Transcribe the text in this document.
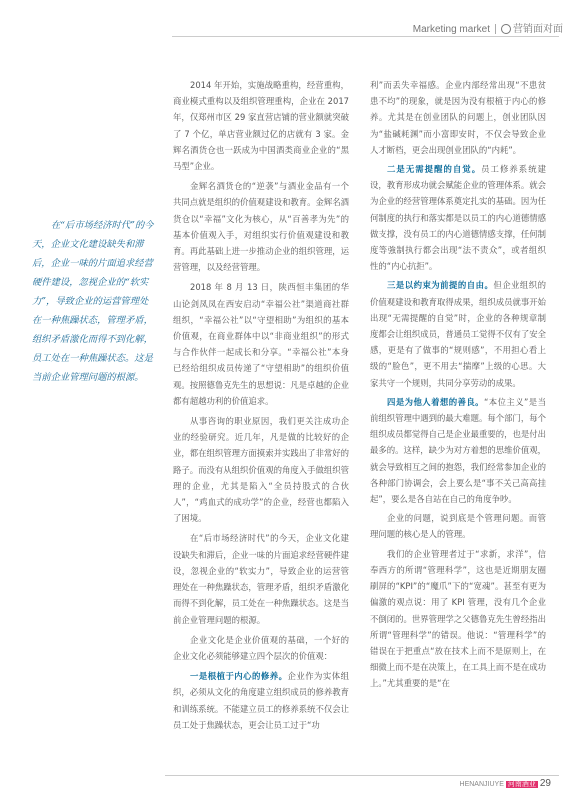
Marketing market 营销面对面

在“后市场经济时代”的今天，企业文化建设缺失和滞后，企业一味的片面追求经营硬件建设，忽视企业的“软实力”，导致企业的运营管理处在一种焦躁状态，管理矛盾，组织矛盾激化而得不到化解，员工处在一种焦躁状态。这是当前企业管理问题的根源。

2014 年开始，实施战略重构，经营重构，商业模式重构以及组织管理重构，企业在 2017 年，仅郑州市区 29 家直营店铺的营业额就突破了 7 个亿，单店营业额过亿的店就有 3 家。金辉名酒货仓也一跃成为中国酒类商业企业的“黑马型”企业。

金辉名酒货仓的“逆袭”与酒业金品有一个共同点就是组织的价值观建设和教育。金辉名酒货仓以“幸福”文化为核心，从“百善孝为先”的基本价值观入手，对组织实行价值观建设和教育。再此基础上进一步推动企业的组织管理，运营管理，以及经营管理。

2018 年 8 月 13 日，陕西恒丰集团的华山论剑凤凤在西安启动“幸福公社”渠道商社群组织，“幸福公社”以“守望相助”为组织的基本价值观，在商业群体中以“非商业组织”的形式与合作伙伴一起成长和分享。“幸福公社”本身已经给组织成员传递了“守望相助”的组织价值观。按照德鲁克先生的思想说：凡是卓越的企业都有超越功利的价值追求。

从事咨询的职业原因，我们更关注成功企业的经验研究。近几年，凡是做的比较好的企业，都在组织管理方面摸索并实践出了非常好的路子。而没有从组织价值观的角度入手做组织管理的企业，尤其是陷入“全员持股式的合伙人”，“鸡血式的成功学”的企业，经营也都陷入了困境。

在“后市场经济时代”的今天，企业文化建设缺失和滞后，企业一味的片面追求经营硬件建设，忽视企业的“软实力”，导致企业的运营管理处在一种焦躁状态，管理矛盾，组织矛盾激化而得不到化解，员工处在一种焦躁状态。这是当前企业管理问题的根源。

企业文化是企业价值观的基础，一个好的企业文化必须能够建立四个层次的价值观：

一是根植于内心的修养。企业作为实体组织，必须从文化的角度建立组织成员的修养教育和训练系统。不能建立员工的修养系统不仅会让员工处于焦躁状态，更会让员工过于“功

利”而丢失幸福感。企业内部经常出现“不患贫患不均”的现象，就是因为没有根植于内心的修养。尤其是在创业团队的问题上，创业团队因为“盐碱耗渊”而小富即安时，不仅会导致企业人才断档，更会出现创业团队的“内耗”。

二是无需提醒的自觉。员工修养系统建设，教育形成功就会赋能企业的管理体系。就会为企业的经营管理体系奠定扎实的基础。因为任何制度的执行和落实都是以员工的内心道德情感做支撑，没有员工的内心道德情感支撑，任何制度等強制执行都会出现“法不责众”，或者组织性的“内心抗拒”。

三是以约束为前提的自由。但企业组织的价值观建设和教育取得成果，组织成员就事开始出现“无需提醒的自觉”时，企业的各种规章制度都会让组织成员，普通员工觉得不仅有了安全感，更是有了做事的“规则感”，不用担心看上级的“脸色”，更不用去“揣摩”上级的心思。大家共守一个规则，共同分享劳动的成果。

四是为他人着想的善良。“本位主义”是当前组织管理中遇到的最大难题。每个部门，每个组织成员都觉得自己是企业最重要的，也是付出最多的。这样，缺少为对方着想的思维价值观，就会导致相互之间的抱怨，我们经常参加企业的各种部门协调会，会上要么是“事不关己高高挂起”，要么是各自站在自己的角度争吵。

企业的问题，说到底是个管理问题。而管理问题的核心是人的管理。

我们的企业管理者过于“求新，求洋”，信奉西方的所谓“管理科学”，这也是近期朋友圈刷屏的“KPI”的“魔爪”下的“宽魂”。甚至有更为偏激的观点说：用了 KPI 管理，没有几个企业不倒闭的。世界管理学之父德鲁克先生曾经指出所谓“管理科学”的错误。他说：“管理科学”的错误在于把重点“放在技术上而不是原则上，在细微上而不是在决策上，在工具上而不是在成功上。”尤其重要的是“在

HENANJIUYE 河南酒业 29
